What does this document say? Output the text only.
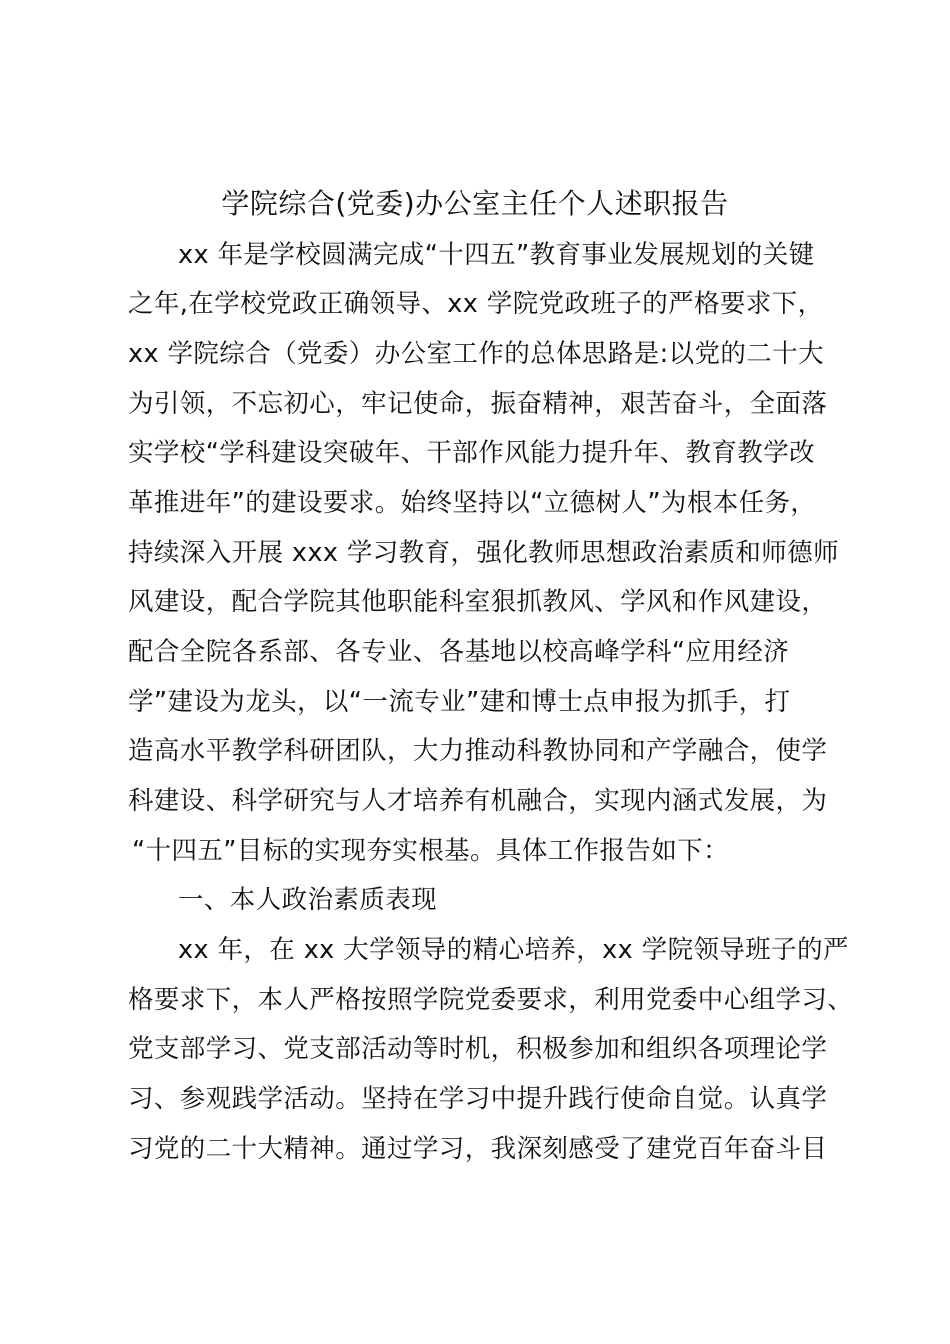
学院综合(党委)办公室主任个人述职报告
xx 年是学校圆满完成“十四五”教育事业发展规划的关键
之年,在学校党政正确领导、xx 学院党政班子的严格要求下，
xx 学院综合（党委）办公室工作的总体思路是:以党的二十大
为引领，不忘初心，牢记使命，振奋精神，艰苦奋斗，全面落
实学校“学科建设突破年、干部作风能力提升年、教育教学改
革推进年”的建设要求。始终坚持以“立德树人”为根本任务，
持续深入开展 xxx 学习教育，强化教师思想政治素质和师德师
风建设，配合学院其他职能科室狠抓教风、学风和作风建设，
配合全院各系部、各专业、各基地以校高峰学科“应用经济
学”建设为龙头，以“一流专业”建和博士点申报为抓手，打
造高水平教学科研团队，大力推动科教协同和产学融合，使学
科建设、科学研究与人才培养有机融合，实现内涵式发展，为
“十四五”目标的实现夯实根基。具体工作报告如下：
一、本人政治素质表现
xx 年，在 xx 大学领导的精心培养，xx 学院领导班子的严
格要求下，本人严格按照学院党委要求，利用党委中心组学习、
党支部学习、党支部活动等时机，积极参加和组织各项理论学
习、参观践学活动。坚持在学习中提升践行使命自觉。认真学
习党的二十大精神。通过学习，我深刻感受了建党百年奋斗目
